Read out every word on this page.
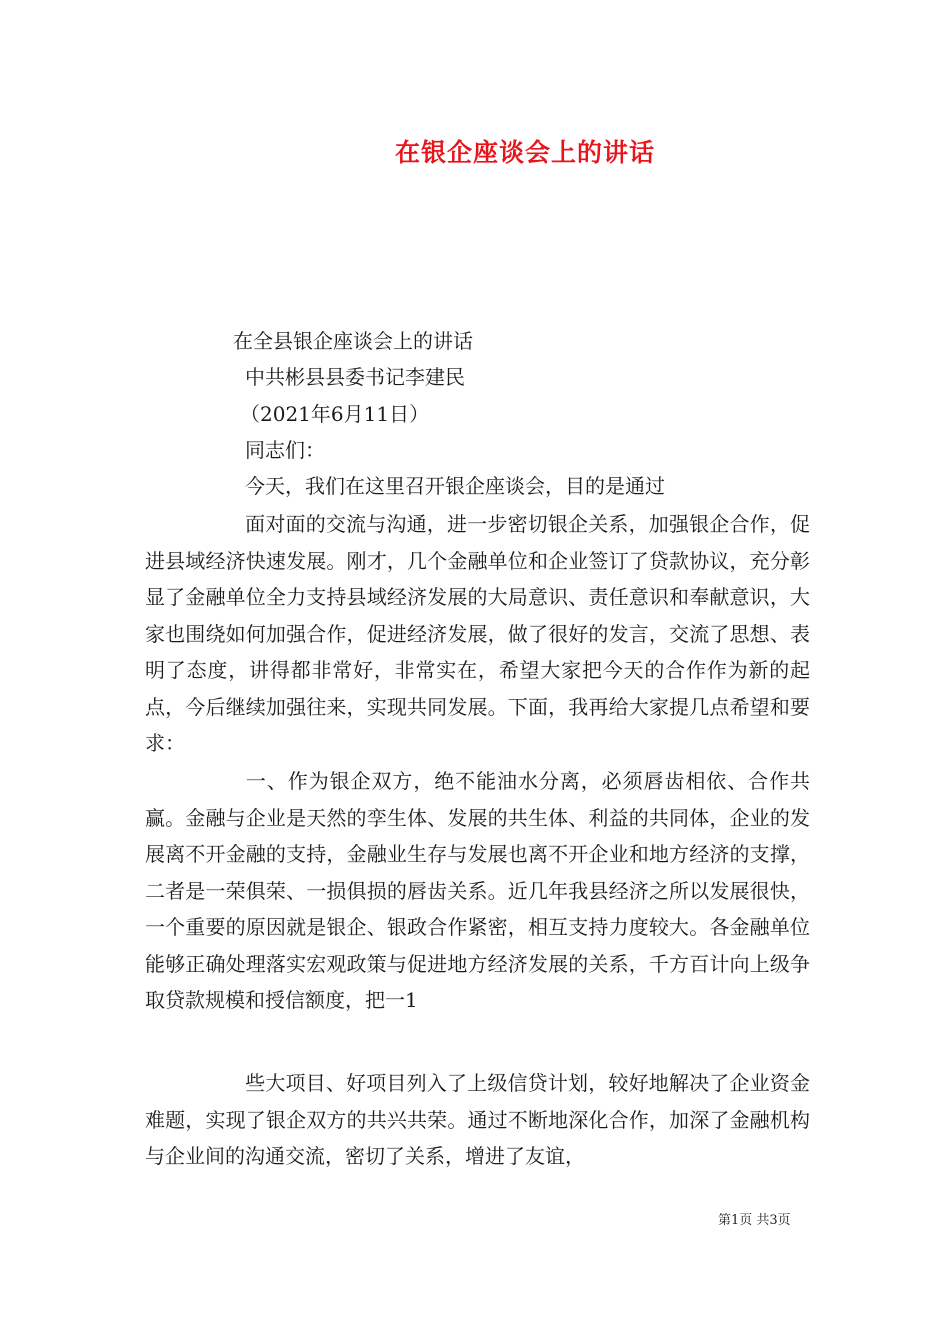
在银企座谈会上的讲话
在全县银企座谈会上的讲话
中共彬县县委书记李建民
（2021年6月11日）
同志们：
今天，我们在这里召开银企座谈会，目的是通过
面对面的交流与沟通，进一步密切银企关系，加强银企合作，促进县域经济快速发展。刚才，几个金融单位和企业签订了贷款协议，充分彰显了金融单位全力支持县域经济发展的大局意识、责任意识和奉献意识，大家也围绕如何加强合作，促进经济发展，做了很好的发言，交流了思想、表明了态度，讲得都非常好，非常实在，希望大家把今天的合作作为新的起点，今后继续加强往来，实现共同发展。下面，我再给大家提几点希望和要求：
一、作为银企双方，绝不能油水分离，必须唇齿相依、合作共赢。金融与企业是天然的孪生体、发展的共生体、利益的共同体，企业的发展离不开金融的支持，金融业生存与发展也离不开企业和地方经济的支撑，二者是一荣俱荣、一损俱损的唇齿关系。近几年我县经济之所以发展很快，一个重要的原因就是银企、银政合作紧密，相互支持力度较大。各金融单位能够正确处理落实宏观政策与促进地方经济发展的关系，千方百计向上级争取贷款规模和授信额度，把一1
些大项目、好项目列入了上级信贷计划，较好地解决了企业资金难题，实现了银企双方的共兴共荣。通过不断地深化合作，加深了金融机构与企业间的沟通交流，密切了关系，增进了友谊，
第1页 共3页
